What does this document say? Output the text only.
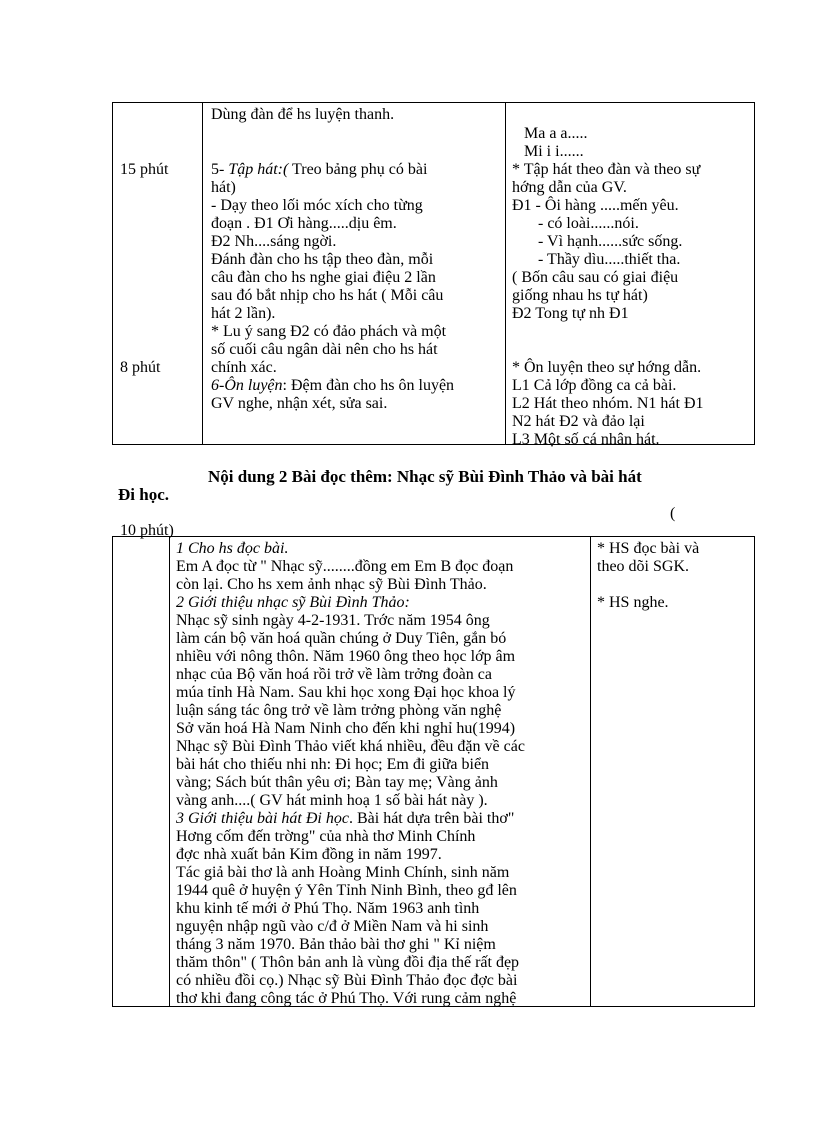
15 phút
8 phút
Dùng đàn để hs luyện thanh.
5- Tập hát:( Treo bảng phụ có bài
hát)
- Dạy theo lối móc xích cho từng
đoạn . Đ1 Ơi hàng.....dịu êm.
Đ2 Nh....sáng ngời.
Đánh đàn cho hs tập theo đàn, mỗi
câu đàn cho hs nghe giai điệu 2 lần
sau đó bắt nhịp cho hs hát ( Mỗi câu
hát 2 lần).
* Lu ý sang Đ2 có đảo phách và một
số cuối câu ngân dài nên cho hs hát
chính xác.
6-Ôn luyện: Đệm đàn cho hs ôn luyện
GV nghe, nhận xét, sửa sai.
Ma a a.....
Mi i i......
* Tập hát theo đàn và theo sự
hớng dẫn của GV.
Đ1 - Ôi hàng .....mến yêu.
- có loài......nói.
- Vì hạnh......sức sống.
- Thầy dìu.....thiết tha.
( Bốn câu sau có giai điệu
giống nhau hs tự hát)
Đ2 Tong tự nh Đ1
* Ôn luyện theo sự hớng dẫn.
L1 Cả lớp đồng ca cả bài.
L2 Hát theo nhóm. N1 hát Đ1
N2 hát Đ2 và đảo lại
L3 Một số cá nhân hát.
Nội dung 2 Bài đọc thêm: Nhạc sỹ Bùi Đình Thảo và bài hát
Đi học.
(
10 phút)
1 Cho hs đọc bài.
Em A đọc từ " Nhạc sỹ........đồng em Em B đọc đoạn
còn lại. Cho hs xem ảnh nhạc sỹ Bùi Đình Thảo.
2 Giới thiệu nhạc sỹ Bùi Đình Thảo:
Nhạc sỹ sinh ngày 4-2-1931. Trớc năm 1954 ông
làm cán bộ văn hoá quần chúng ở Duy Tiên, gắn bó
nhiều với nông thôn. Năm 1960 ông theo học lớp âm
nhạc của Bộ văn hoá rồi trở về làm trởng đoàn ca
múa tỉnh Hà Nam. Sau khi học xong Đại học khoa lý
luận sáng tác ông trở về làm trởng phòng văn nghệ
Sở văn hoá Hà Nam Ninh cho đến khi nghỉ hu(1994)
Nhạc sỹ Bùi Đình Thảo viết khá nhiều, đều đặn về các
bài hát cho thiếu nhi nh: Đi học; Em đi giữa biển
vàng; Sách bút thân yêu ơi; Bàn tay mẹ; Vàng ảnh
vàng anh....( GV hát minh hoạ 1 số bài hát này ).
3 Giới thiệu bài hát Đi học. Bài hát dựa trên bài thơ"
Hơng cốm đến trờng" của nhà thơ Minh Chính
đợc nhà xuất bản Kim đồng in năm 1997.
Tác giả bài thơ là anh Hoàng Minh Chính, sinh năm
1944 quê ở huyện ý Yên Tỉnh Ninh Bình, theo gđ lên
khu kinh tế mới ở Phú Thọ. Năm 1963 anh tình
nguyện nhập ngũ vào c/đ ở Miền Nam và hi sinh
tháng 3 năm 1970. Bản thảo bài thơ ghi " Kỉ niệm
thăm thôn" ( Thôn bản anh là vùng đồi địa thế rất đẹp
có nhiều đồi cọ.) Nhạc sỹ Bùi Đình Thảo đọc đợc bài
thơ khi đang công tác ở Phú Thọ. Với rung cảm nghệ
* HS đọc bài và
theo dõi SGK.
* HS nghe.
